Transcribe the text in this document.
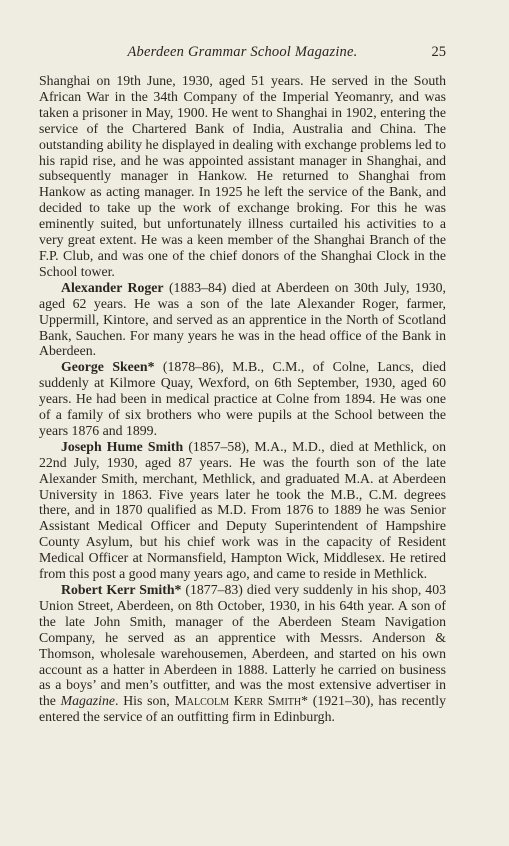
Aberdeen Grammar School Magazine.	25

Shanghai on 19th June, 1930, aged 51 years. He served in the South African War in the 34th Company of the Imperial Yeomanry, and was taken a prisoner in May, 1900. He went to Shanghai in 1902, entering the service of the Chartered Bank of India, Australia and China. The outstanding ability he displayed in dealing with exchange problems led to his rapid rise, and he was appointed assistant manager in Shanghai, and subsequently manager in Hankow. He returned to Shanghai from Hankow as acting manager. In 1925 he left the service of the Bank, and decided to take up the work of exchange broking. For this he was eminently suited, but unfortunately illness curtailed his activities to a very great extent. He was a keen member of the Shanghai Branch of the F.P. Club, and was one of the chief donors of the Shanghai Clock in the School tower.

Alexander Roger (1883–84) died at Aberdeen on 30th July, 1930, aged 62 years. He was a son of the late Alexander Roger, farmer, Uppermill, Kintore, and served as an apprentice in the North of Scotland Bank, Sauchen. For many years he was in the head office of the Bank in Aberdeen.

George Skeen* (1878–86), M.B., C.M., of Colne, Lancs, died suddenly at Kilmore Quay, Wexford, on 6th September, 1930, aged 60 years. He had been in medical practice at Colne from 1894. He was one of a family of six brothers who were pupils at the School between the years 1876 and 1899.

Joseph Hume Smith (1857–58), M.A., M.D., died at Methlick, on 22nd July, 1930, aged 87 years. He was the fourth son of the late Alexander Smith, merchant, Methlick, and graduated M.A. at Aberdeen University in 1863. Five years later he took the M.B., C.M. degrees there, and in 1870 qualified as M.D. From 1876 to 1889 he was Senior Assistant Medical Officer and Deputy Superintendent of Hampshire County Asylum, but his chief work was in the capacity of Resident Medical Officer at Normansfield, Hampton Wick, Middlesex. He retired from this post a good many years ago, and came to reside in Methlick.

Robert Kerr Smith* (1877–83) died very suddenly in his shop, 403 Union Street, Aberdeen, on 8th October, 1930, in his 64th year. A son of the late John Smith, manager of the Aberdeen Steam Navigation Company, he served as an apprentice with Messrs. Anderson & Thomson, wholesale warehousemen, Aberdeen, and started on his own account as a hatter in Aberdeen in 1888. Latterly he carried on business as a boys’ and men’s outfitter, and was the most extensive advertiser in the Magazine. His son, Malcolm Kerr Smith* (1921–30), has recently entered the service of an outfitting firm in Edinburgh.
